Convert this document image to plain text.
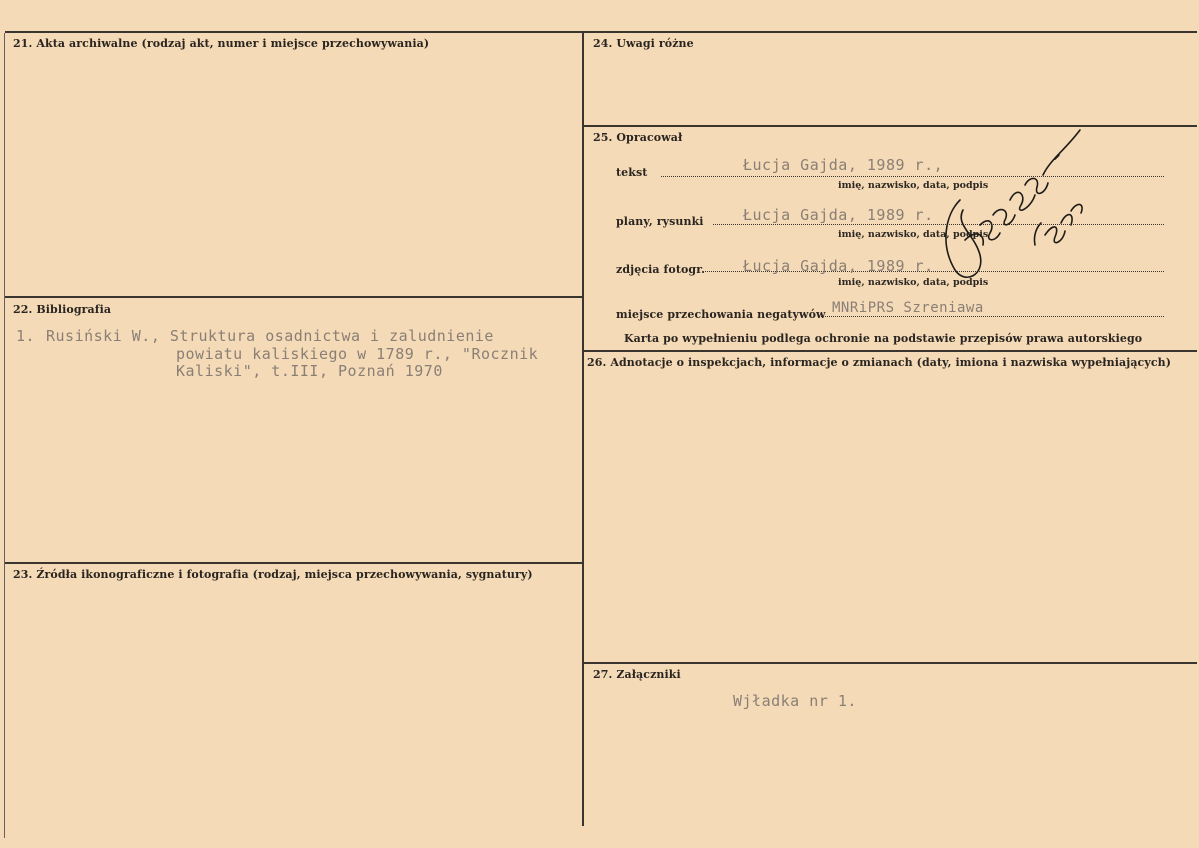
21. Akta archiwalne (rodzaj akt, numer i miejsce przechowywania)
22. Bibliografia
1. Rusiński W., Struktura osadnictwa i zaludnienie
powiatu kaliskiego w 1789 r., "Rocznik
Kaliski", t.III, Poznań 1970
23. Źródła ikonograficzne i fotografia (rodzaj, miejsca przechowywania, sygnatury)
24. Uwagi różne
25. Opracował
tekst	Łucja Gajda, 1989 r.,
imię, nazwisko, data, podpis
plany, rysunki	Łucja Gajda, 1989 r.
imię, nazwisko, data, podpis
zdjęcia fotogr.	Łucja Gajda, 1989 r.
imię, nazwisko, data, podpis
miejsce przechowania negatywów MNRiPRS Szreniawa
Karta po wypełnieniu podlega ochronie na podstawie przepisów prawa autorskiego
26. Adnotacje o inspekcjach, informacje o zmianach (daty, imiona i nazwiska wypełniających)
27. Załączniki
Wjładka nr 1.
